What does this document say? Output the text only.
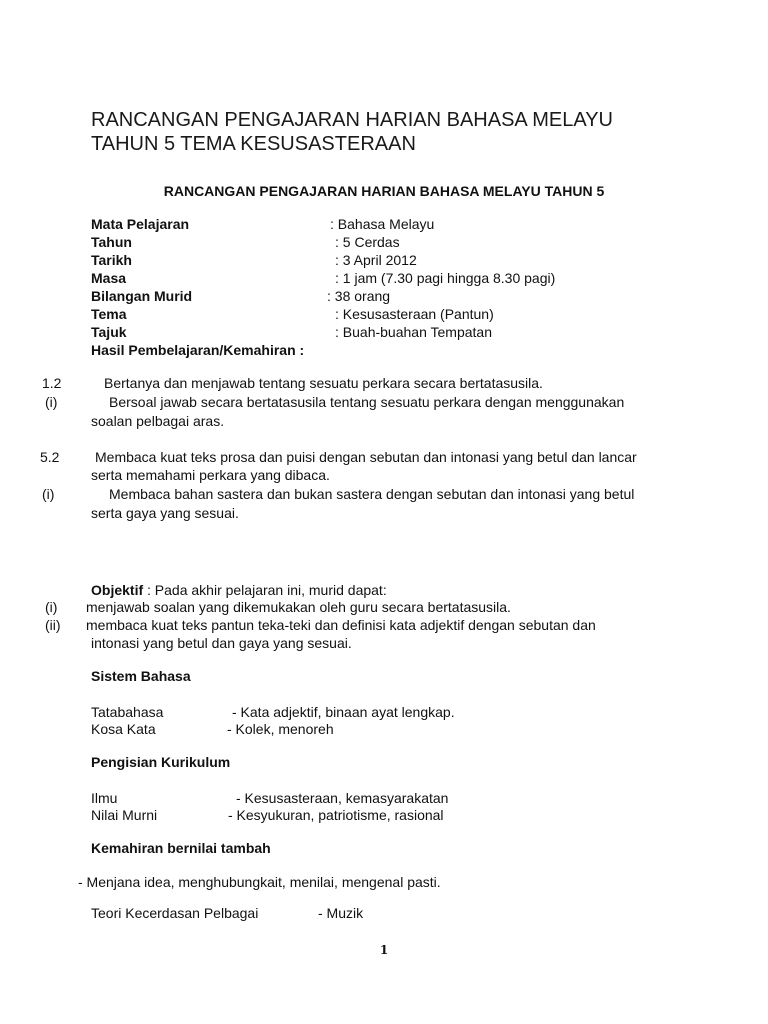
RANCANGAN PENGAJARAN HARIAN BAHASA MELAYU
TAHUN 5 TEMA KESUSASTERAAN
RANCANGAN PENGAJARAN HARIAN BAHASA MELAYU TAHUN 5
Mata Pelajaran	: Bahasa Melayu
Tahun	: 5 Cerdas
Tarikh	: 3 April 2012
Masa	: 1 jam (7.30 pagi hingga 8.30 pagi)
Bilangan Murid	: 38 orang
Tema	: Kesusasteraan (Pantun)
Tajuk	: Buah-buahan Tempatan
Hasil Pembelajaran/Kemahiran :
1.2	Bertanya dan menjawab tentang sesuatu perkara secara bertatasusila.
(i)	Bersoal jawab secara bertatasusila tentang sesuatu perkara dengan menggunakan
soalan pelbagai aras.
5.2	Membaca kuat teks prosa dan puisi dengan sebutan dan intonasi yang betul dan lancar
serta memahami perkara yang dibaca.
(i)	Membaca bahan sastera dan bukan sastera dengan sebutan dan intonasi yang betul
serta gaya yang sesuai.
Objektif : Pada akhir pelajaran ini, murid dapat:
(i) menjawab soalan yang dikemukakan oleh guru secara bertatasusila.
(ii) membaca kuat teks pantun teka-teki dan definisi kata adjektif dengan sebutan dan
intonasi yang betul dan gaya yang sesuai.
Sistem Bahasa
Tatabahasa	- Kata adjektif, binaan ayat lengkap.
Kosa Kata	- Kolek, menoreh
Pengisian Kurikulum
Ilmu	- Kesusasteraan, kemasyarakatan
Nilai Murni	- Kesyukuran, patriotisme, rasional
Kemahiran bernilai tambah
- Menjana idea, menghubungkait, menilai, mengenal pasti.
Teori Kecerdasan Pelbagai	- Muzik
1
